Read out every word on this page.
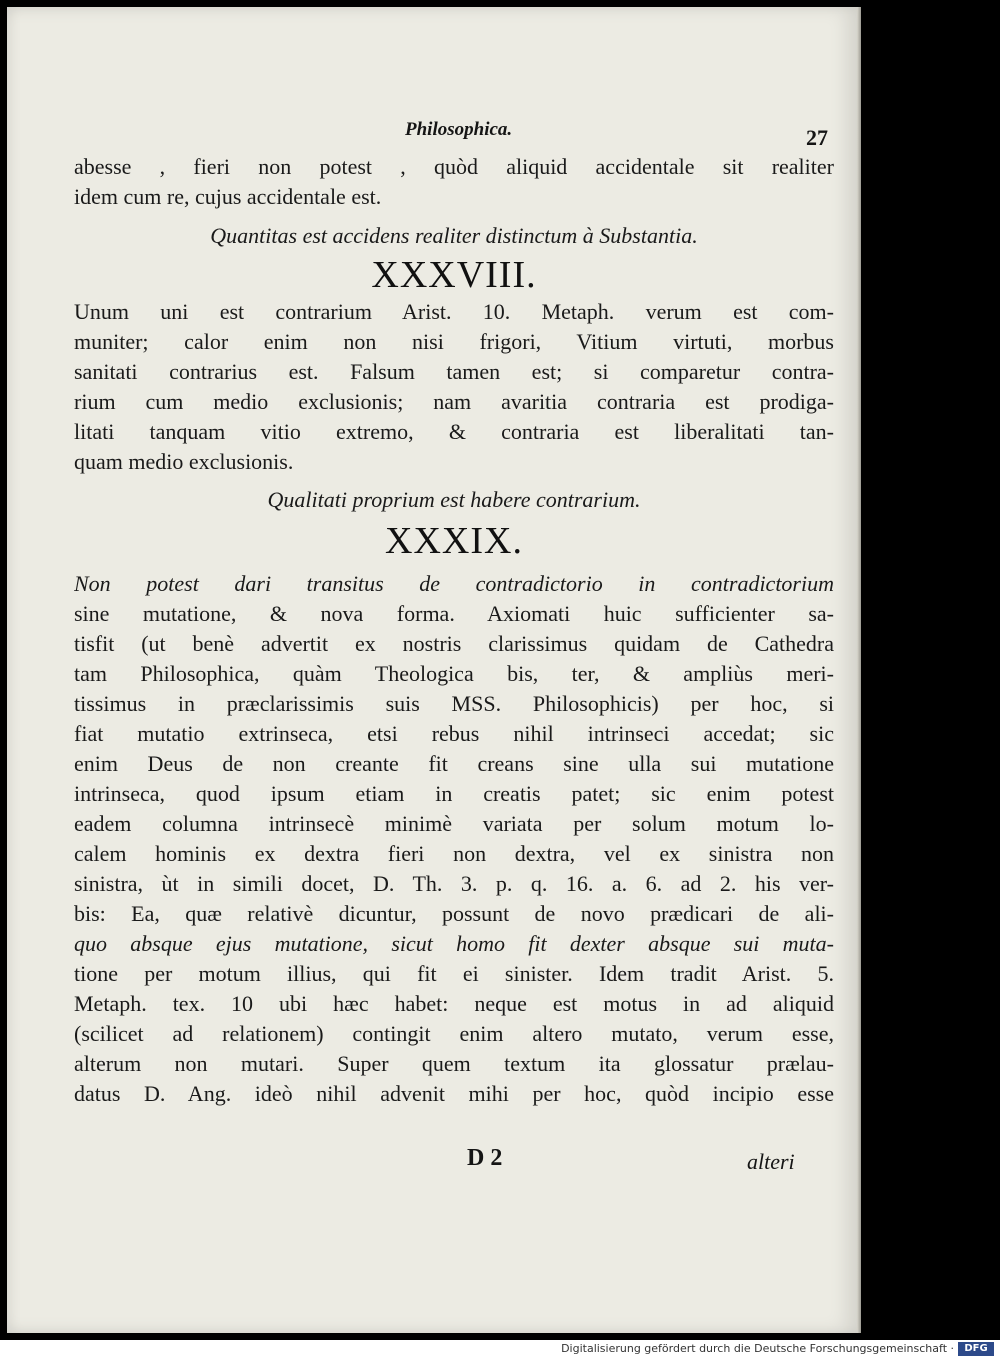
Philosophica.	27
abesse , fieri non potest , quòd aliquid accidentale sit realiter
idem cum re, cujus accidentale est.
Quantitas est accidens realiter distinctum à Substantia.
XXXVIII.
Unum uni est contrarium Arist. 10. Metaph. verum est com-
muniter; calor enim non nisi frigori, Vitium virtuti, morbus
sanitati contrarius est. Falsum tamen est; si comparetur contra-
rium cum medio exclusionis; nam avaritia contraria est prodiga-
litati tanquam vitio extremo, & contraria est liberalitati tan-
quam medio exclusionis.
Qualitati proprium est habere contrarium.
XXXIX.
Non potest dari transitus de contradictorio in contradictorium
sine mutatione, & nova forma. Axiomati huic sufficienter sa-
tisfit (ut benè advertit ex nostris clarissimus quidam de Cathedra
tam Philosophica, quàm Theologica bis, ter, & ampliùs meri-
tissimus in præclarissimis suis MSS. Philosophicis) per hoc, si
fiat mutatio extrinseca, etsi rebus nihil intrinseci accedat; sic
enim Deus de non creante fit creans sine ulla sui mutatione
intrinseca, quod ipsum etiam in creatis patet; sic enim potest
eadem columna intrinsecè minimè variata per solum motum lo-
calem hominis ex dextra fieri non dextra, vel ex sinistra non
sinistra, ùt in simili docet, D. Th. 3. p. q. 16. a. 6. ad 2. his ver-
bis: Ea, quæ relativè dicuntur, possunt de novo prædicari de ali-
quo absque ejus mutatione, sicut homo fit dexter absque sui muta-
tione per motum illius, qui fit ei sinister. Idem tradit Arist. 5.
Metaph. tex. 10 ubi hæc habet: neque est motus in ad aliquid
(scilicet ad relationem) contingit enim altero mutato, verum esse,
alterum non mutari. Super quem textum ita glossatur prælau-
datus D. Ang. ideò nihil advenit mihi per hoc, quòd incipio esse
D 2	alteri
Digitalisierung gefördert durch die Deutsche Forschungsgemeinschaft ·	DFG
